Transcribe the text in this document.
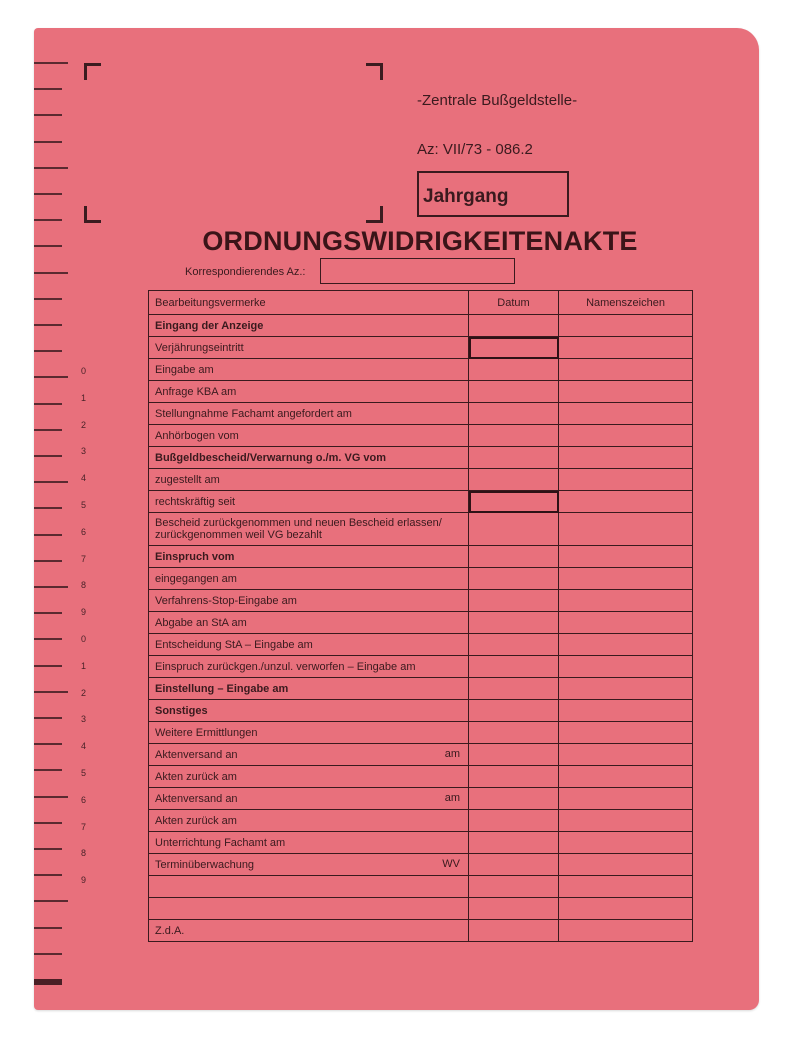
0
1
2
3
4
5
6
7
8
9
0
1
2
3
4
5
6
7
8
9
-Zentrale Bußgeldstelle-
Az: VII/73 - 086.2
Jahrgang
ORDNUNGSWIDRIGKEITENAKTE
Korrespondierendes Az.:
Bearbeitungsvermerke	Datum	Namenszeichen
Eingang der Anzeige		
Verjährungseintritt		
Eingabe am		
Anfrage KBA am		
Stellungnahme Fachamt angefordert am		
Anhörbogen vom		
Bußgeldbescheid/Verwarnung o./m. VG vom		
zugestellt am		
rechtskräftig seit		
Bescheid zurückgenommen und neuen Bescheid erlassen/ zurückgenommen weil VG bezahlt		
Einspruch vom		
eingegangen am		
Verfahrens-Stop-Eingabe am		
Abgabe an StA am		
Entscheidung StA – Eingabe am		
Einspruch zurückgen./unzul. verworfen – Eingabe am		
Einstellung – Eingabe am		
Sonstiges		
Weitere Ermittlungen		
Aktenversand an am		

Akten zurück am		
Aktenversand an am		

Akten zurück am		
Unterrichtung Fachamt am		
Terminüberwachung WV		

Z.d.A.		
